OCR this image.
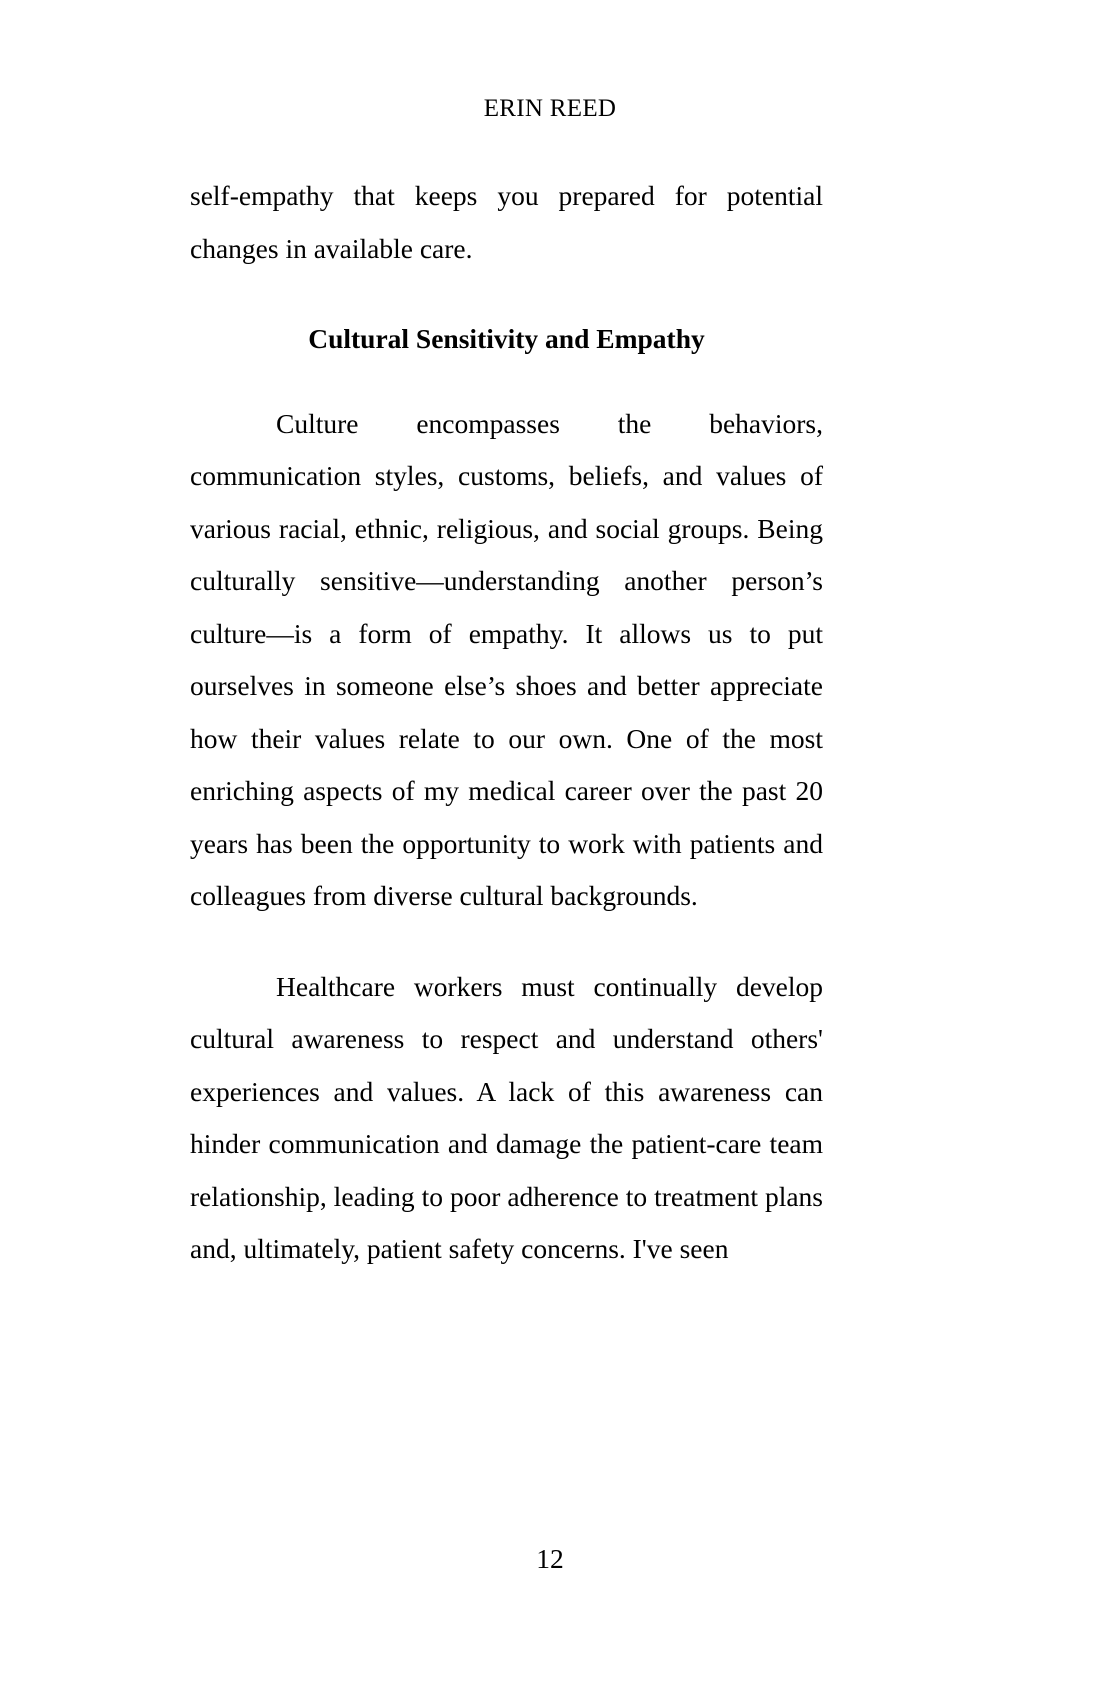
ERIN REED

self-empathy that keeps you prepared for potential changes in available care.

Cultural Sensitivity and Empathy

Culture encompasses the behaviors, communication styles, customs, beliefs, and values of various racial, ethnic, religious, and social groups. Being culturally sensitive—understanding another person’s culture—is a form of empathy. It allows us to put ourselves in someone else’s shoes and better appreciate how their values relate to our own. One of the most enriching aspects of my medical career over the past 20 years has been the opportunity to work with patients and colleagues from diverse cultural backgrounds.

Healthcare workers must continually develop cultural awareness to respect and understand others' experiences and values. A lack of this awareness can hinder communication and damage the patient-care team relationship, leading to poor adherence to treatment plans and, ultimately, patient safety concerns. I've seen

12
